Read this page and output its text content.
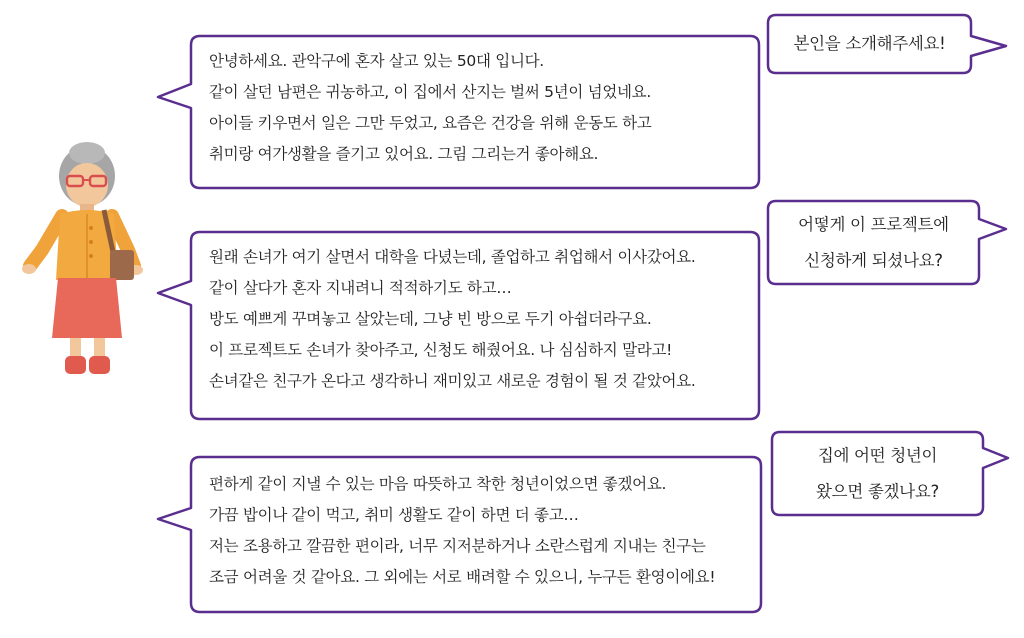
안녕하세요. 관악구에 혼자 살고 있는 50대 입니다.
같이 살던 남편은 귀농하고, 이 집에서 산지는 벌써 5년이 넘었네요.
아이들 키우면서 일은 그만 두었고, 요즘은 건강을 위해 운동도 하고
취미랑 여가생활을 즐기고 있어요. 그림 그리는거 좋아해요.
원래 손녀가 여기 살면서 대학을 다녔는데, 졸업하고 취업해서 이사갔어요.
같이 살다가 혼자 지내려니 적적하기도 하고…
방도 예쁘게 꾸며놓고 살았는데, 그냥 빈 방으로 두기 아쉽더라구요.
이 프로젝트도 손녀가 찾아주고, 신청도 해줬어요. 나 심심하지 말라고!
손녀같은 친구가 온다고 생각하니 재미있고 새로운 경험이 될 것 같았어요.
편하게 같이 지낼 수 있는 마음 따뜻하고 착한 청년이었으면 좋겠어요.
가끔 밥이나 같이 먹고, 취미 생활도 같이 하면 더 좋고…
저는 조용하고 깔끔한 편이라, 너무 지저분하거나 소란스럽게 지내는 친구는
조금 어려울 것 같아요. 그 외에는 서로 배려할 수 있으니, 누구든 환영이에요!
본인을 소개해주세요!
어떻게 이 프로젝트에
신청하게 되셨나요?
집에 어떤 청년이
왔으면 좋겠나요?
